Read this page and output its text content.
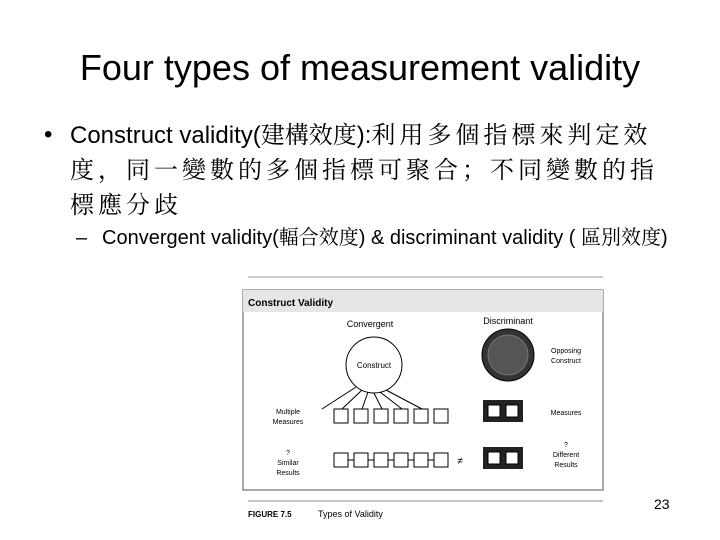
Four types of measurement validity
• Construct validity(建構效度):利用多個指標來判定效度，同一變數的多個指標可聚合；不同變數的指標應分歧
– Convergent validity(輻合效度) & discriminant validity ( 區別效度)
Construct Validity
Convergent	Discriminant
Construct
Multiple
Measures
?
Similar
Results
≠
Opposing
Construct
Measures
?
Different
Results
FIGURE 7.5	Types of Validity
23
